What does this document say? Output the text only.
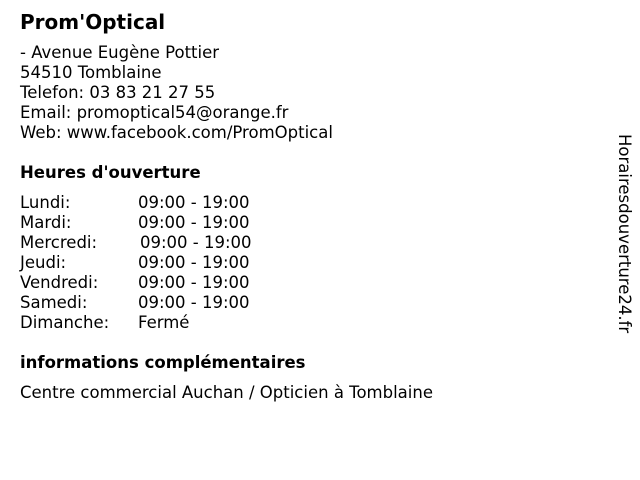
Prom'Optical
- Avenue Eugène Pottier
54510 Tomblaine
Telefon: 03 83 21 27 55
Email: promoptical54@orange.fr
Web: www.facebook.com/PromOptical
Heures d'ouverture
Lundi:	09:00 - 19:00
Mardi:	09:00 - 19:00
Mercredi:	09:00 - 19:00
Jeudi:	09:00 - 19:00
Vendredi: 09:00 - 19:00
Samedi:	09:00 - 19:00
Dimanche: Fermé
informations complémentaires
Centre commercial Auchan / Opticien à Tomblaine
Horairesdouverture24.fr
